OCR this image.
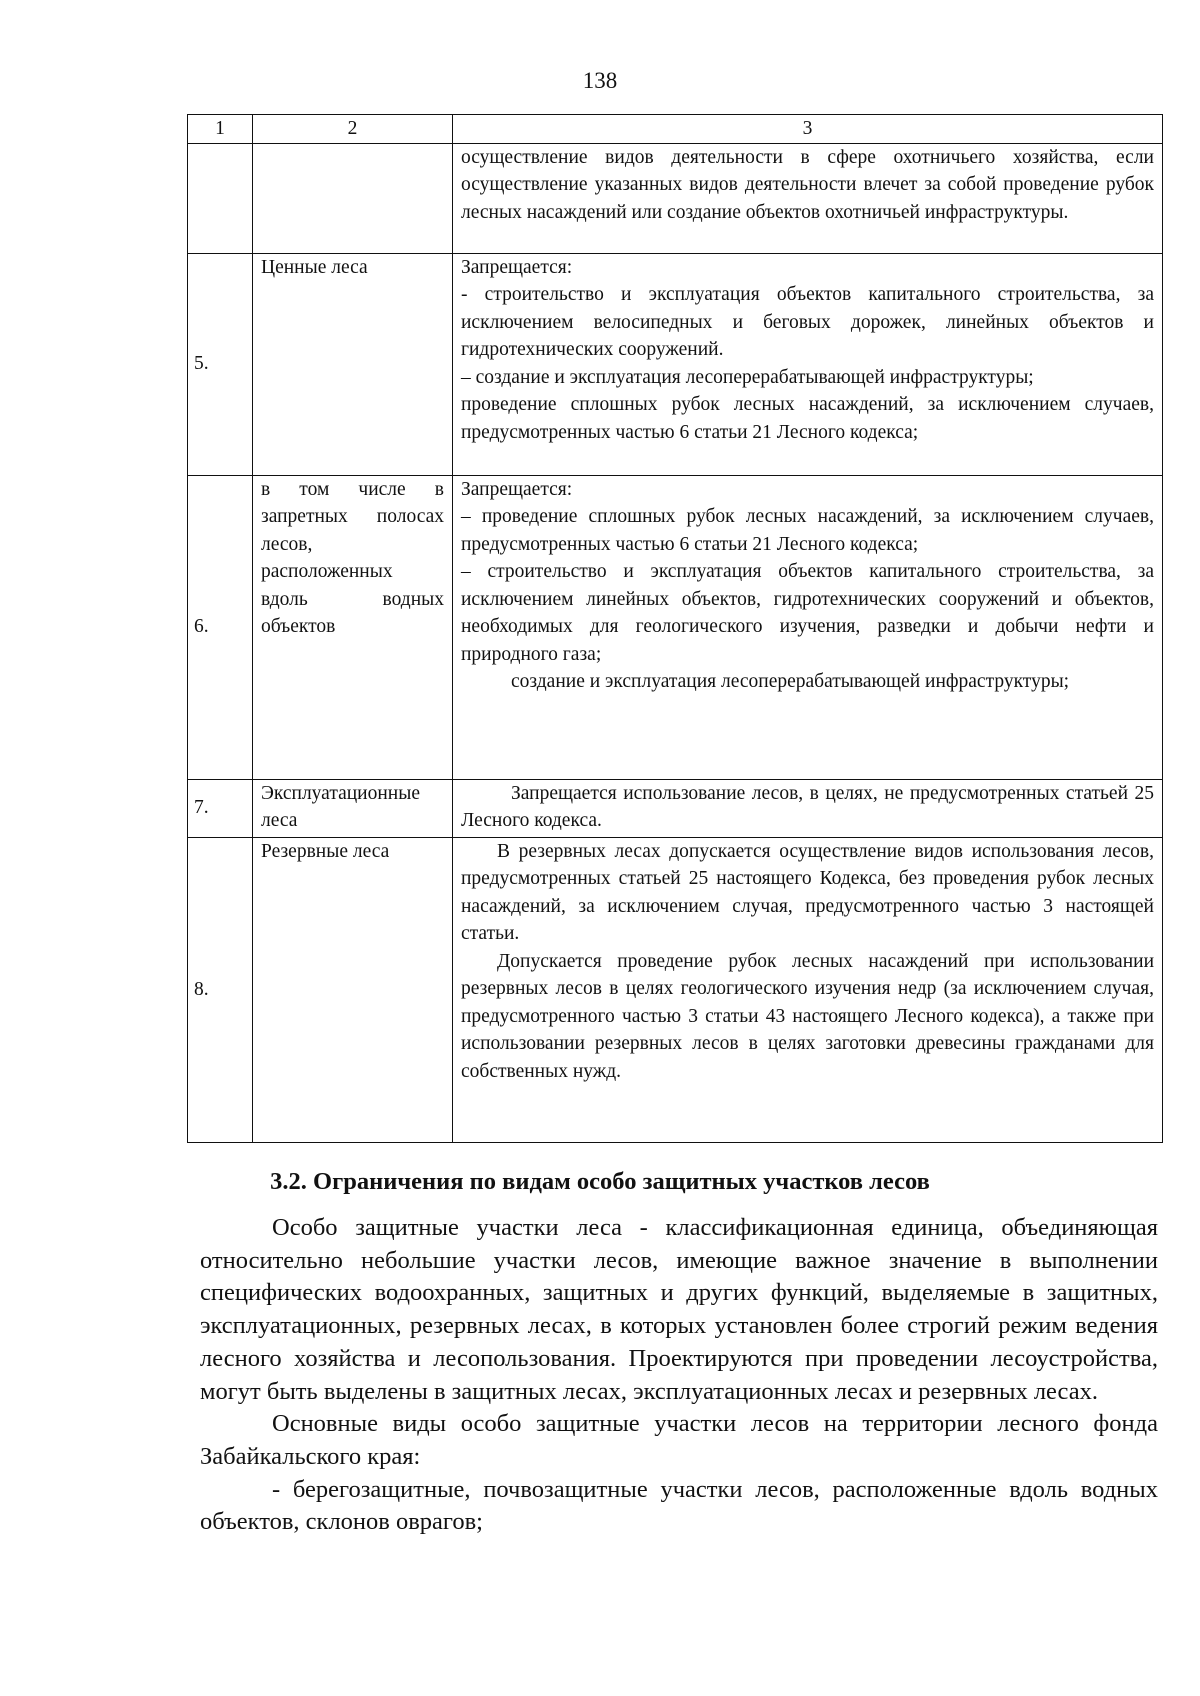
138
1	2	3
		осуществление видов деятельности в сфере охотничьего хозяйства, если осуществление указанных видов деятельности влечет за собой проведение рубок лесных насаждений или создание объектов охотничьей инфраструктуры.
5.	Ценные леса	Запрещается:

- строительство и эксплуатация объектов капитального строительства, за исключением велосипедных и беговых дорожек, линейных объектов и гидротехнических сооружений.

– создание и эксплуатация лесоперерабатывающей инфраструктуры;

проведение сплошных рубок лесных насаждений, за исключением случаев, предусмотренных частью 6 статьи 21 Лесного кодекса;

6.	в том числе в запретных полосах лесов, расположенных вдоль водных объектов	Запрещается:

– проведение сплошных рубок лесных насаждений, за исключением случаев, предусмотренных частью 6 статьи 21 Лесного кодекса;

– строительство и эксплуатация объектов капитального строительства, за исключением линейных объектов, гидротехнических сооружений и объектов, необходимых для геологического изучения, разведки и добычи нефти и природного газа;

создание и эксплуатация лесоперерабатывающей инфраструктуры;

7.	Эксплуатационные леса	Запрещается использование лесов, в целях, не предусмотренных статьей 25 Лесного кодекса.
8.	Резервные леса	В резервных лесах допускается осуществление видов использования лесов, предусмотренных статьей 25 настоящего Кодекса, без проведения рубок лесных насаждений, за исключением случая, предусмотренного частью 3 настоящей статьи.

Допускается проведение рубок лесных насаждений при использовании резервных лесов в целях геологического изучения недр (за исключением случая, предусмотренного частью 3 статьи 43 настоящего Лесного кодекса), а также при использовании резервных лесов в целях заготовки древесины гражданами для собственных нужд.

3.2. Ограничения по видам особо защитных участков лесов

Особо защитные участки леса - классификационная единица, объединяющая относительно небольшие участки лесов, имеющие важное значение в выполнении специфических водоохранных, защитных и других функций, выделяемые в защитных, эксплуатационных, резервных лесах, в которых установлен более строгий режим ведения лесного хозяйства и лесопользования. Проектируются при проведении лесоустройства, могут быть выделены в защитных лесах, эксплуатационных лесах и резервных лесах.

Основные виды особо защитные участки лесов на территории лесного фонда Забайкальского края:

- берегозащитные, почвозащитные участки лесов, расположенные вдоль водных объектов, склонов оврагов;
